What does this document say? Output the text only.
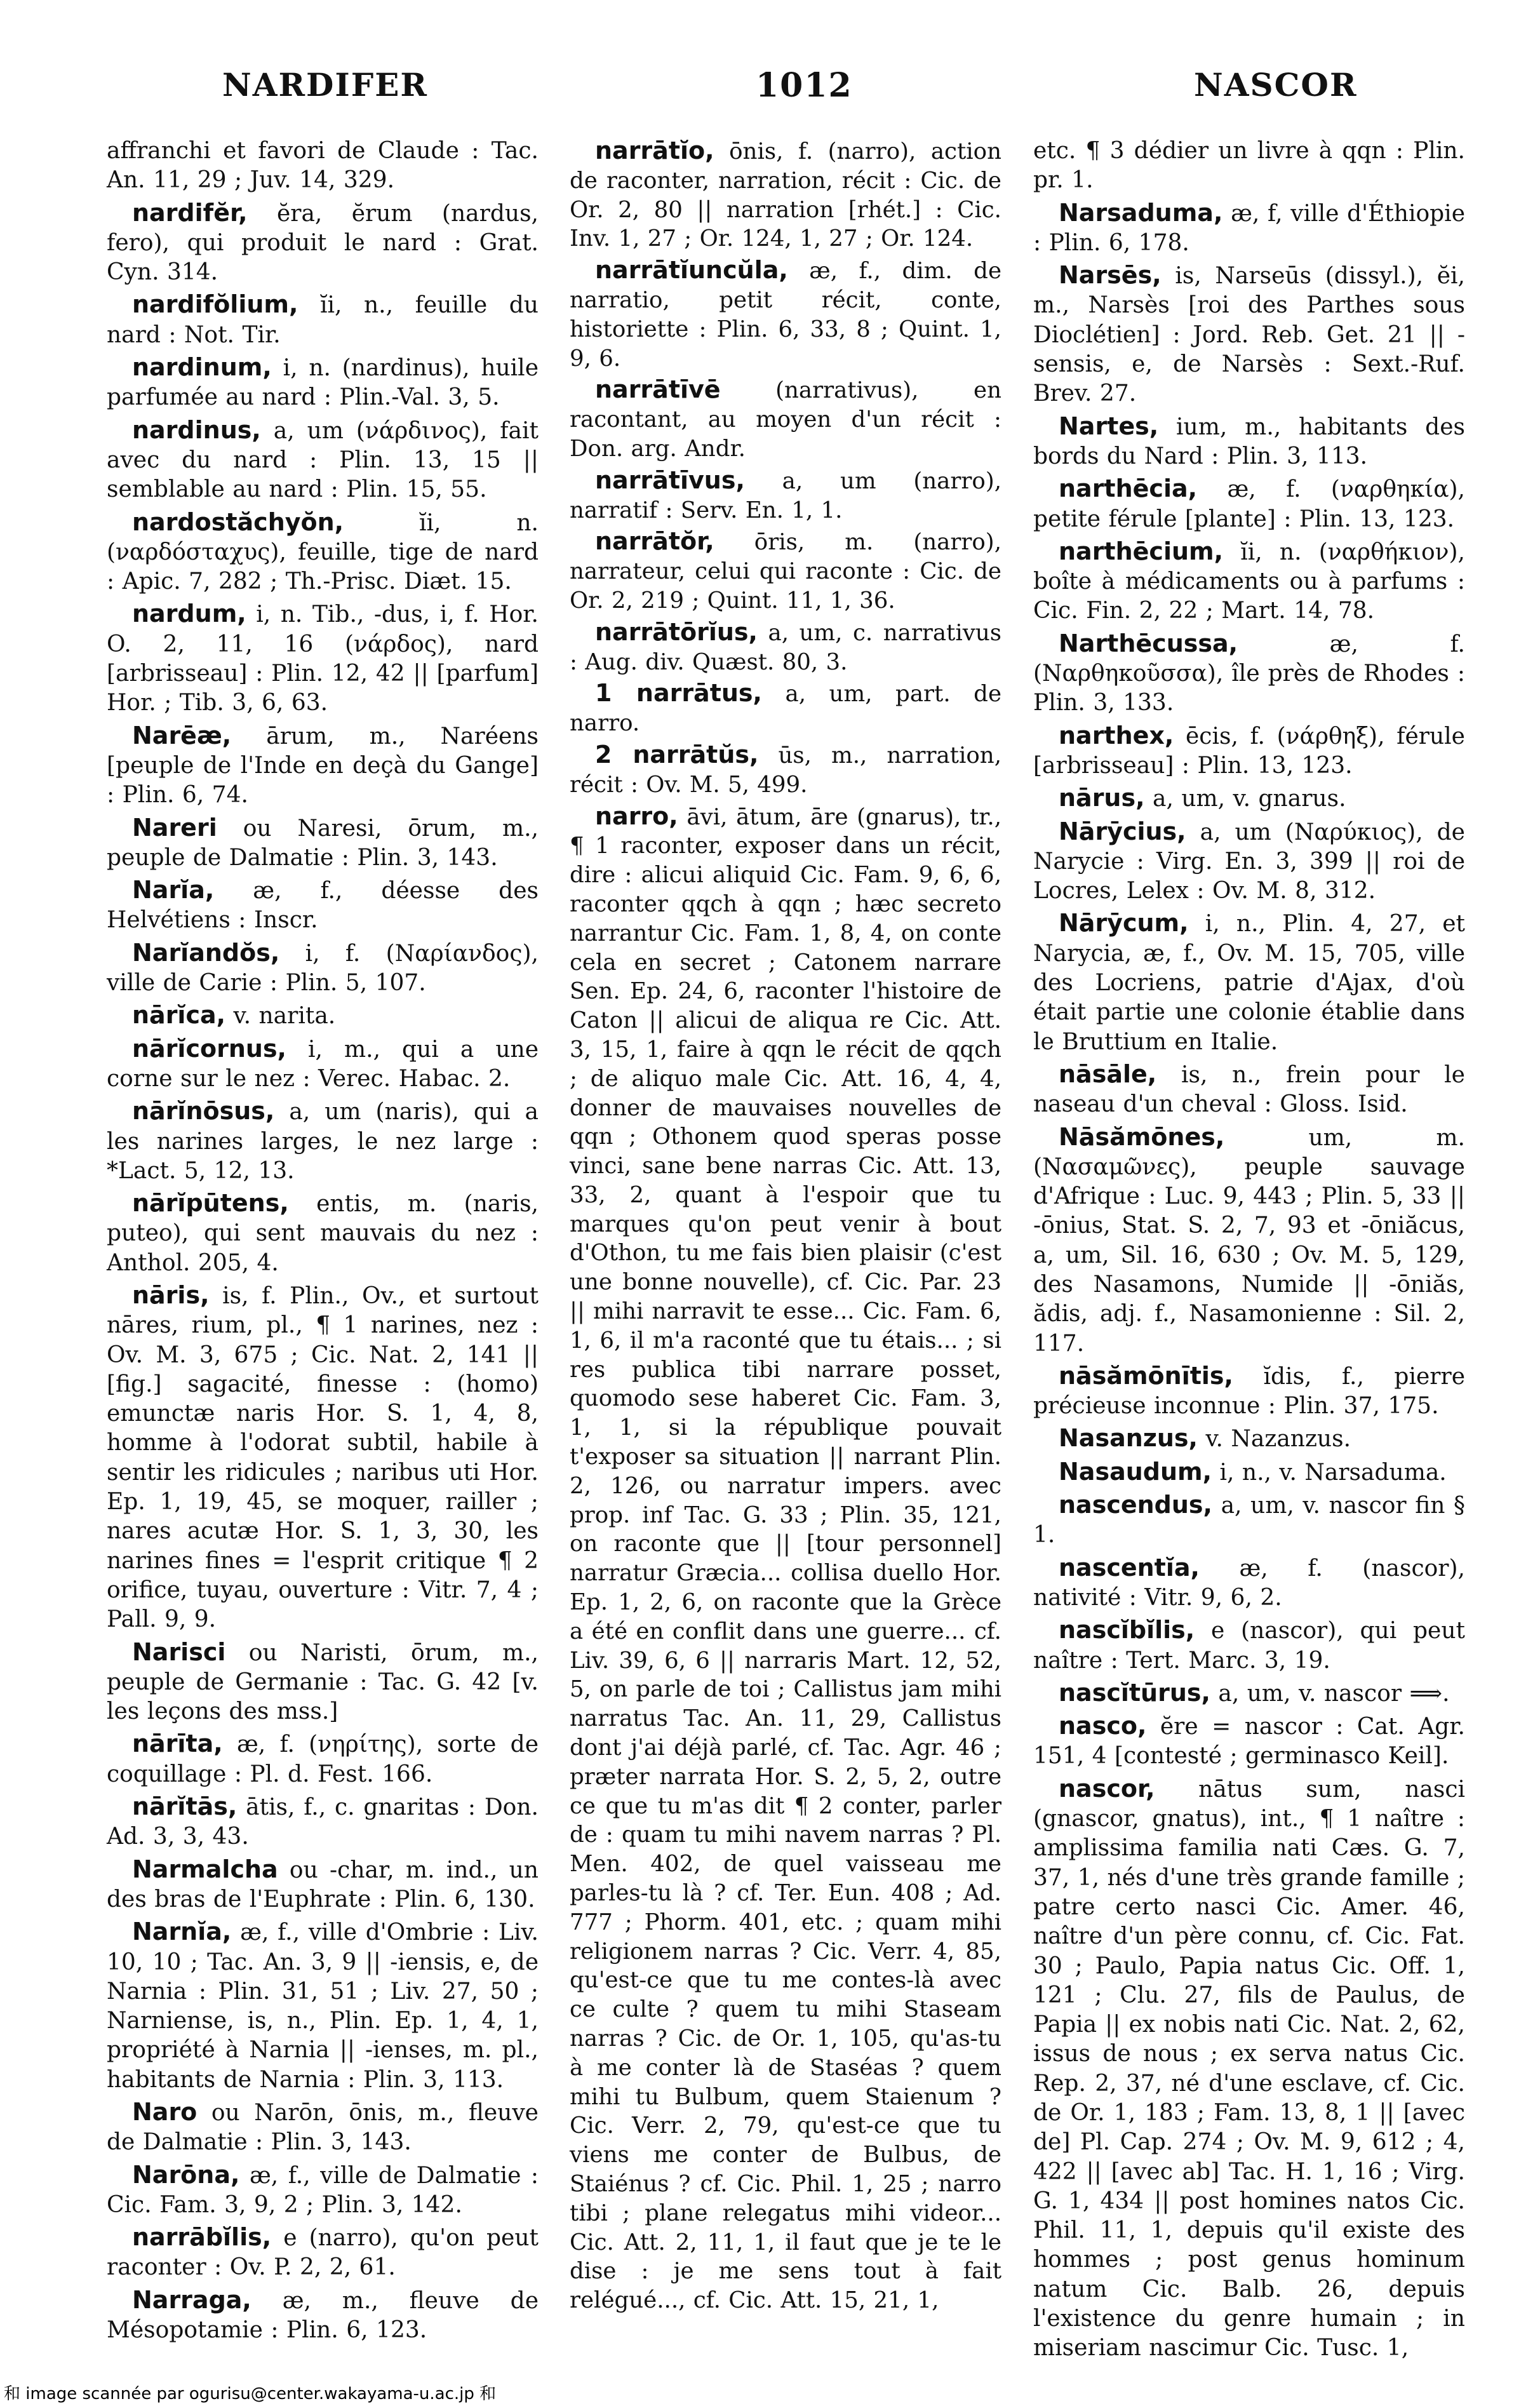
NARDIFER	1012	NASCOR

affranchi et favori de Claude : Tac. An. 11, 29 ; Juv. 14, 329.

nardifĕr, ĕra, ĕrum (nardus, fero), qui produit le nard : Grat. Cyn. 314.

nardifŏlium, ĭi, n., feuille du nard : Not. Tir.

nardinum, i, n. (nardinus), huile parfumée au nard : Plin.-Val. 3, 5.

nardinus, a, um (νάρδινος), fait avec du nard : Plin. 13, 15 || semblable au nard : Plin. 15, 55.

nardostăchyŏn,	ĭi, n. (ναρδόσταχυς), feuille, tige de nard : Apic. 7, 282 ; Th.-Prisc. Diæt. 15.

nardum, i, n. Tib., -dus, i, f. Hor. O. 2, 11, 16 (νάρδος), nard [arbrisseau] : Plin. 12, 42 || [parfum] Hor. ; Tib. 3, 6, 63.

Narēæ, ārum, m., Naréens [peuple de l'Inde en deçà du Gange] : Plin. 6, 74.

Nareri ou Naresi, ōrum, m., peuple de Dalmatie : Plin. 3, 143.

Narĭa, æ, f., déesse des Helvétiens : Inscr.

Narĭandŏs, i, f. (Ναρίανδος), ville de Carie : Plin. 5, 107.

nārĭca, v. narita.

nārĭcornus, i, m., qui a une corne sur le nez : Verec. Habac. 2.

nārĭnōsus, a, um (naris), qui a les narines larges, le nez large : *Lact. 5, 12, 13.

nārĭpūtens, entis, m. (naris, puteo), qui sent mauvais du nez : Anthol. 205, 4.

nāris, is, f. Plin., Ov., et surtout nāres, rium, pl., ¶ 1 narines, nez : Ov. M. 3, 675 ; Cic. Nat. 2, 141 || [fig.] sagacité, finesse : (homo) emunctæ naris Hor. S. 1, 4, 8, homme à l'odorat subtil, habile à sentir les ridicules ; naribus uti Hor. Ep. 1, 19, 45, se moquer, railler ; nares acutæ Hor. S. 1, 3, 30, les narines fines = l'esprit critique ¶ 2 orifice, tuyau, ouverture : Vitr. 7, 4 ; Pall. 9, 9.

Narisci ou Naristi, ōrum, m., peuple de Germanie : Tac. G. 42 [v. les leçons des mss.]

nārīta, æ, f. (νηρίτης), sorte de coquillage : Pl. d. Fest. 166.

nārĭtās, ātis, f., c. gnaritas : Don. Ad. 3, 3, 43.

Narmalcha ou -char, m. ind., un des bras de l'Euphrate : Plin. 6, 130.

Narnĭa, æ, f., ville d'Ombrie : Liv. 10, 10 ; Tac. An. 3, 9 || -iensis, e, de Narnia : Plin. 31, 51 ; Liv. 27, 50 ; Narniense, is, n., Plin. Ep. 1, 4, 1, propriété à Narnia || -ienses, m. pl., habitants de Narnia : Plin. 3, 113.

Naro ou Narōn, ōnis, m., fleuve de Dalmatie : Plin. 3, 143.

Narōna, æ, f., ville de Dalmatie : Cic. Fam. 3, 9, 2 ; Plin. 3, 142.

narrābĭlis, e (narro), qu'on peut raconter : Ov. P. 2, 2, 61.

Narraga, æ, m., fleuve de Mésopotamie : Plin. 6, 123.

narrātĭo, ōnis, f. (narro), action de raconter, narration, récit : Cic. de Or. 2, 80 || narration [rhét.] : Cic. Inv. 1, 27 ; Or. 124, 1, 27 ; Or. 124.

narrātĭuncŭla, æ, f., dim. de narratio, petit récit, conte, historiette : Plin. 6, 33, 8 ; Quint. 1, 9, 6.

narrātīvē (narrativus), en racontant, au moyen d'un récit : Don. arg. Andr.

narrātīvus, a, um (narro), narratif : Serv. En. 1, 1.

narrātŏr, ōris, m. (narro), narrateur, celui qui raconte : Cic. de Or. 2, 219 ; Quint. 11, 1, 36.

narrātōrĭus, a, um, c. narrativus : Aug. div. Quæst. 80, 3.

1 narrātus, a, um, part. de narro.

2 narrātŭs, ūs, m., narration, récit : Ov. M. 5, 499.

narro, āvi, ātum, āre (gnarus), tr., ¶ 1 raconter, exposer dans un récit, dire : alicui aliquid Cic. Fam. 9, 6, 6, raconter qqch à qqn ; hæc secreto narrantur Cic. Fam. 1, 8, 4, on conte cela en secret ; Catonem narrare Sen. Ep. 24, 6, raconter l'histoire de Caton || alicui de aliqua re Cic. Att. 3, 15, 1, faire à qqn le récit de qqch ; de aliquo male Cic. Att. 16, 4, 4, donner de mauvaises nouvelles de qqn ; Othonem quod speras posse vinci, sane bene narras Cic. Att. 13, 33, 2, quant à l'espoir que tu marques qu'on peut venir à bout d'Othon, tu me fais bien plaisir (c'est une bonne nouvelle), cf. Cic. Par. 23 || mihi narravit te esse... Cic. Fam. 6, 1, 6, il m'a raconté que tu étais... ; si res publica tibi narrare posset, quomodo sese haberet Cic. Fam. 3, 1, 1, si la république pouvait t'exposer sa situation || narrant Plin. 2, 126, ou narratur impers. avec prop. inf Tac. G. 33 ; Plin. 35, 121, on raconte que || [tour personnel] narratur Græcia... collisa duello Hor. Ep. 1, 2, 6, on raconte que la Grèce a été en conflit dans une guerre... cf. Liv. 39, 6, 6 || narraris Mart. 12, 52, 5, on parle de toi ; Callistus jam mihi narratus Tac. An. 11, 29, Callistus dont j'ai déjà parlé, cf. Tac. Agr. 46 ; præter narrata Hor. S. 2, 5, 2, outre ce que tu m'as dit ¶ 2 conter, parler de : quam tu mihi navem narras ? Pl. Men. 402, de quel vaisseau me parles-tu là ? cf. Ter. Eun. 408 ; Ad. 777 ; Phorm. 401, etc. ; quam mihi religionem narras ? Cic. Verr. 4, 85, qu'est-ce que tu me contes-là avec ce culte ? quem tu mihi Staseam narras ? Cic. de Or. 1, 105, qu'as-tu à me conter là de Staséas ? quem mihi tu Bulbum, quem Staienum ? Cic. Verr. 2, 79, qu'est-ce que tu viens me conter de Bulbus, de Staiénus ? cf. Cic. Phil. 1, 25 ; narro tibi ; plane relegatus mihi videor... Cic. Att. 2, 11, 1, il faut que je te le dise : je me sens tout à fait relégué..., cf. Cic. Att. 15, 21, 1,

etc. ¶ 3 dédier un livre à qqn : Plin. pr. 1.

Narsaduma, æ, f, ville d'Éthiopie : Plin. 6, 178.

Narsēs, is, Narseūs (dissyl.), ĕi, m., Narsès [roi des Parthes sous Dioclétien] : Jord. Reb. Get. 21 || -sensis, e, de Narsès : Sext.-Ruf. Brev. 27.

Nartes, ium, m., habitants des bords du Nard : Plin. 3, 113.

narthēcia, æ, f. (ναρθηκία), petite férule [plante] : Plin. 13, 123.

narthēcium, ĭi, n. (ναρθήκιον), boîte à médicaments ou à parfums : Cic. Fin. 2, 22 ; Mart. 14, 78.

Narthēcussa,	æ, f. (Ναρθηκοῦσσα), île près de Rhodes : Plin. 3, 133.

narthex, ēcis, f. (νάρθηξ), férule [arbrisseau] : Plin. 13, 123.

nārus, a, um, v. gnarus.

Nārȳcius, a, um (Ναρύκιος), de Narycie : Virg. En. 3, 399 || roi de Locres, Lelex : Ov. M. 8, 312.

Nārȳcum, i, n., Plin. 4, 27, et Narycia, æ, f., Ov. M. 15, 705, ville des Locriens, patrie d'Ajax, d'où était partie une colonie établie dans le Bruttium en Italie.

nāsāle, is, n., frein pour le naseau d'un cheval : Gloss. Isid.

Nāsămōnes,	um, m. (Νασαμῶνες), peuple sauvage d'Afrique : Luc. 9, 443 ; Plin. 5, 33 || -ōnius, Stat. S. 2, 7, 93 et -ōniăcus, a, um, Sil. 16, 630 ; Ov. M. 5, 129, des Nasamons, Numide || -ōniăs, ădis, adj. f., Nasamonienne : Sil. 2, 117.

nāsămōnītis, ĭdis, f., pierre précieuse inconnue : Plin. 37, 175.

Nasanzus, v. Nazanzus.

Nasaudum, i, n., v. Narsaduma.

nascendus, a, um, v. nascor fin § 1.

nascentĭa, æ, f. (nascor), nativité : Vitr. 9, 6, 2.

nascĭbĭlis, e (nascor), qui peut naître : Tert. Marc. 3, 19.

nascĭtūrus, a, um, v. nascor ⟹.

nasco, ĕre = nascor : Cat. Agr. 151, 4 [contesté ; germinasco Keil].

nascor, nātus sum, nasci (gnascor, gnatus), int., ¶ 1 naître : amplissima familia nati Cæs. G. 7, 37, 1, nés d'une très grande famille ; patre certo nasci Cic. Amer. 46, naître d'un père connu, cf. Cic. Fat. 30 ; Paulo, Papia natus Cic. Off. 1, 121 ; Clu. 27, fils de Paulus, de Papia || ex nobis nati Cic. Nat. 2, 62, issus de nous ; ex serva natus Cic. Rep. 2, 37, né d'une esclave, cf. Cic. de Or. 1, 183 ; Fam. 13, 8, 1 || [avec de] Pl. Cap. 274 ; Ov. M. 9, 612 ; 4, 422 || [avec ab] Tac. H. 1, 16 ; Virg. G. 1, 434 || post homines natos Cic. Phil. 11, 1, depuis qu'il existe des hommes ; post genus hominum natum Cic. Balb. 26, depuis l'existence du genre humain ; in miseriam nascimur Cic. Tusc. 1,

和 image scannée par ogurisu@center.wakayama-u.ac.jp 和
